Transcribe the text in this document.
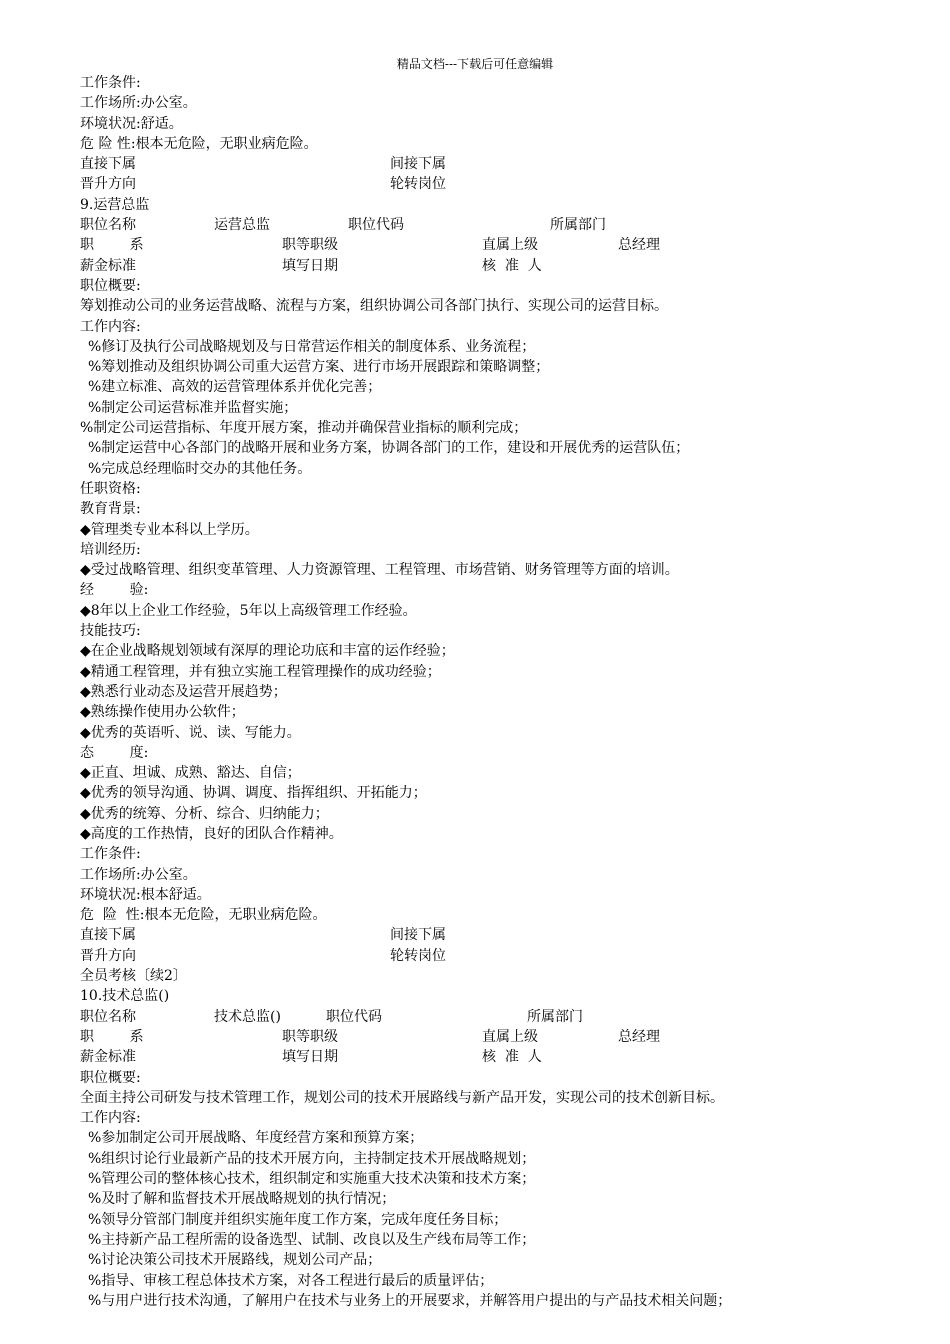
精品文档---下载后可任意编辑
工作条件:
工作场所:办公室。
环境状况:舒适。
危 险 性:根本无危险，无职业病危险。
直接下属	间接下属
晋升方向	轮转岗位
9.运营总监
职位名称	运营总监	职位代码	所属部门
职        系	职等职级	直属上级	总经理
薪金标准	填写日期	核  准  人
职位概要:
筹划推动公司的业务运营战略、流程与方案，组织协调公司各部门执行、实现公司的运营目标。
工作内容:
%修订及执行公司战略规划及与日常营运作相关的制度体系、业务流程；
%筹划推动及组织协调公司重大运营方案、进行市场开展跟踪和策略调整；
%建立标准、高效的运营管理体系并优化完善；
%制定公司运营标准并监督实施；
%制定公司运营指标、年度开展方案，推动并确保营业指标的顺利完成；
%制定运营中心各部门的战略开展和业务方案，协调各部门的工作，建设和开展优秀的运营队伍；
%完成总经理临时交办的其他任务。
任职资格:
教育背景:
◆管理类专业本科以上学历。
培训经历:
◆受过战略管理、组织变革管理、人力资源管理、工程管理、市场营销、财务管理等方面的培训。
经        验:
◆8年以上企业工作经验，5年以上高级管理工作经验。
技能技巧:
◆在企业战略规划领域有深厚的理论功底和丰富的运作经验；
◆精通工程管理，并有独立实施工程管理操作的成功经验；
◆熟悉行业动态及运营开展趋势；
◆熟练操作使用办公软件；
◆优秀的英语听、说、读、写能力。
态        度:
◆正直、坦诚、成熟、豁达、自信；
◆优秀的领导沟通、协调、调度、指挥组织、开拓能力；
◆优秀的统筹、分析、综合、归纳能力；
◆高度的工作热情，良好的团队合作精神。
工作条件:
工作场所:办公室。
环境状况:根本舒适。
危  险  性:根本无危险，无职业病危险。
直接下属	间接下属
晋升方向	轮转岗位
全员考核〔续2〕
10.技术总监()
职位名称	技术总监()	职位代码	所属部门
职        系	职等职级	直属上级	总经理
薪金标准	填写日期	核  准  人
职位概要:
全面主持公司研发与技术管理工作，规划公司的技术开展路线与新产品开发，实现公司的技术创新目标。
工作内容:
%参加制定公司开展战略、年度经营方案和预算方案；
%组织讨论行业最新产品的技术开展方向，主持制定技术开展战略规划；
%管理公司的整体核心技术，组织制定和实施重大技术决策和技术方案；
%及时了解和监督技术开展战略规划的执行情况；
%领导分管部门制度并组织实施年度工作方案，完成年度任务目标；
%主持新产品工程所需的设备选型、试制、改良以及生产线布局等工作；
%讨论决策公司技术开展路线，规划公司产品；
%指导、审核工程总体技术方案，对各工程进行最后的质量评估；
%与用户进行技术沟通，了解用户在技术与业务上的开展要求，并解答用户提出的与产品技术相关问题；
